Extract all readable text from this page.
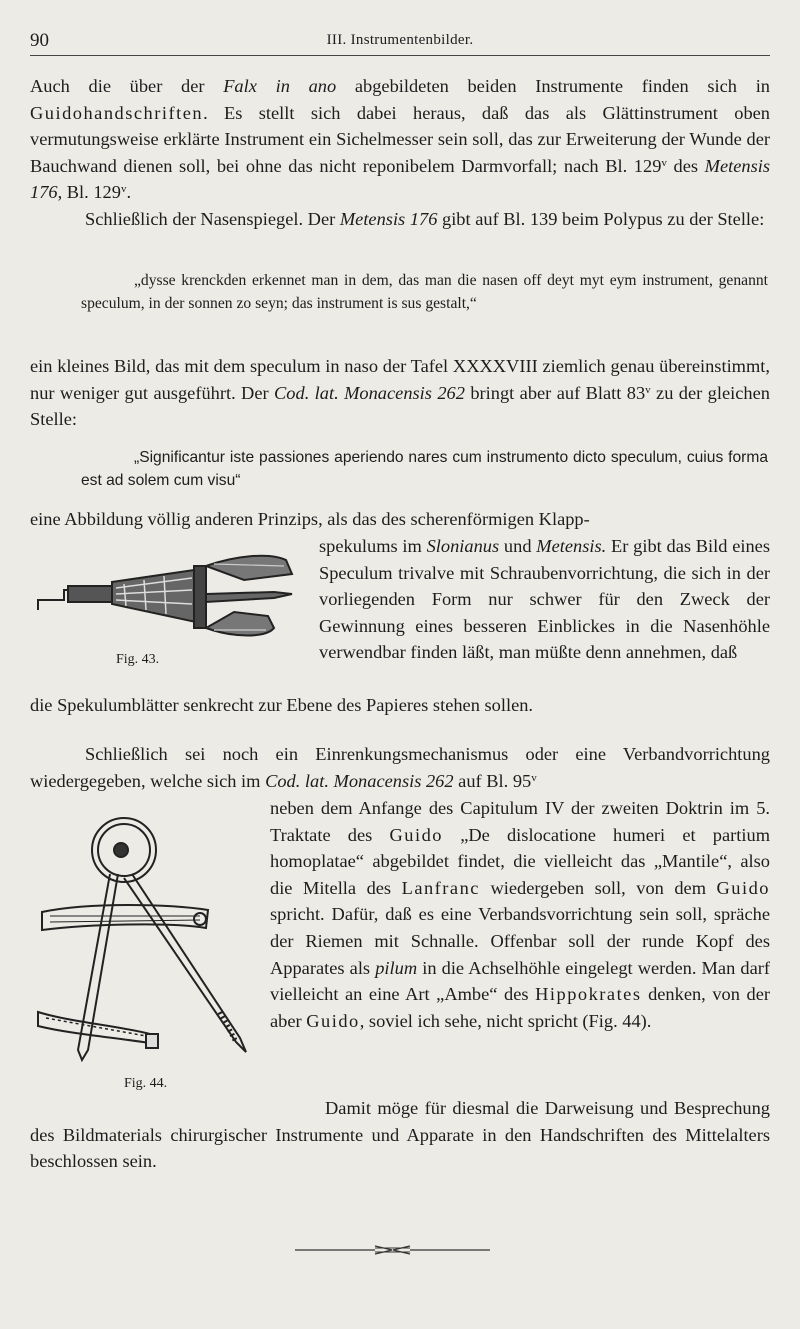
90	III. Instrumentenbilder.

Auch die über der Falx in ano abgebildeten beiden Instrumente finden sich in Guidohandschriften. Es stellt sich dabei heraus, daß das als Glättinstrument oben vermutungsweise erklärte Instrument ein Sichelmesser sein soll, das zur Erweiterung der Wunde der Bauchwand dienen soll, bei ohne das nicht reponibelem Darmvorfall; nach Bl. 129$^v$ des Metensis 176, Bl. 129$^v$.

Schließlich der Nasenspiegel. Der Metensis 176 gibt auf Bl. 139 beim Polypus zu der Stelle:

„dysse krenckden erkennet man in dem, das man die nasen off deyt myt eym instrument, genannt speculum, in der sonnen zo seyn; das instrument is sus gestalt,“

ein kleines Bild, das mit dem speculum in naso der Tafel XXXXVIII ziemlich genau übereinstimmt, nur weniger gut ausgeführt. Der Cod. lat. Monacensis 262 bringt aber auf Blatt 83$^v$ zu der gleichen Stelle:

„Significantur iste passiones aperiendo nares cum instrumento dicto speculum, cuius forma est ad solem cum visu“

eine Abbildung völlig anderen Prinzips, als das des scherenförmigen Klapp-

spekulums im Slonianus und Metensis. Er gibt das Bild eines Speculum trivalve mit Schraubenvorrichtung, die sich in der vorliegenden Form nur schwer für den Zweck der Gewinnung eines besseren Einblickes in die Nasenhöhle verwendbar finden läßt, man müßte denn annehmen, daß

die Spekulumblätter senkrecht zur Ebene des Papieres stehen sollen.

Fig. 43.

Schließlich sei noch ein Einrenkungsmechanismus oder eine Verbandvorrichtung wiedergegeben, welche sich im Cod. lat. Monacensis 262 auf Bl. 95$^v$

neben dem Anfange des Capitulum IV der zweiten Doktrin im 5. Traktate des Guido „De dislocatione humeri et partium homoplatae“ abgebildet findet, die vielleicht das „Mantile“, also die Mitella des Lanfranc wiedergeben soll, von dem Guido spricht. Dafür, daß es eine Verbandsvorrichtung sein soll, spräche der Riemen mit Schnalle. Offenbar soll der runde Kopf des Apparates als pilum in die Achselhöhle eingelegt werden. Man darf vielleicht an eine Art „Ambe“ des Hippokrates denken, von der aber Guido, soviel ich sehe, nicht spricht (Fig. 44).

Fig. 44.

Damit möge für diesmal die Darweisung und Besprechung des Bildmaterials chirurgischer Instrumente und Apparate in den Handschriften des Mittelalters beschlossen sein.
